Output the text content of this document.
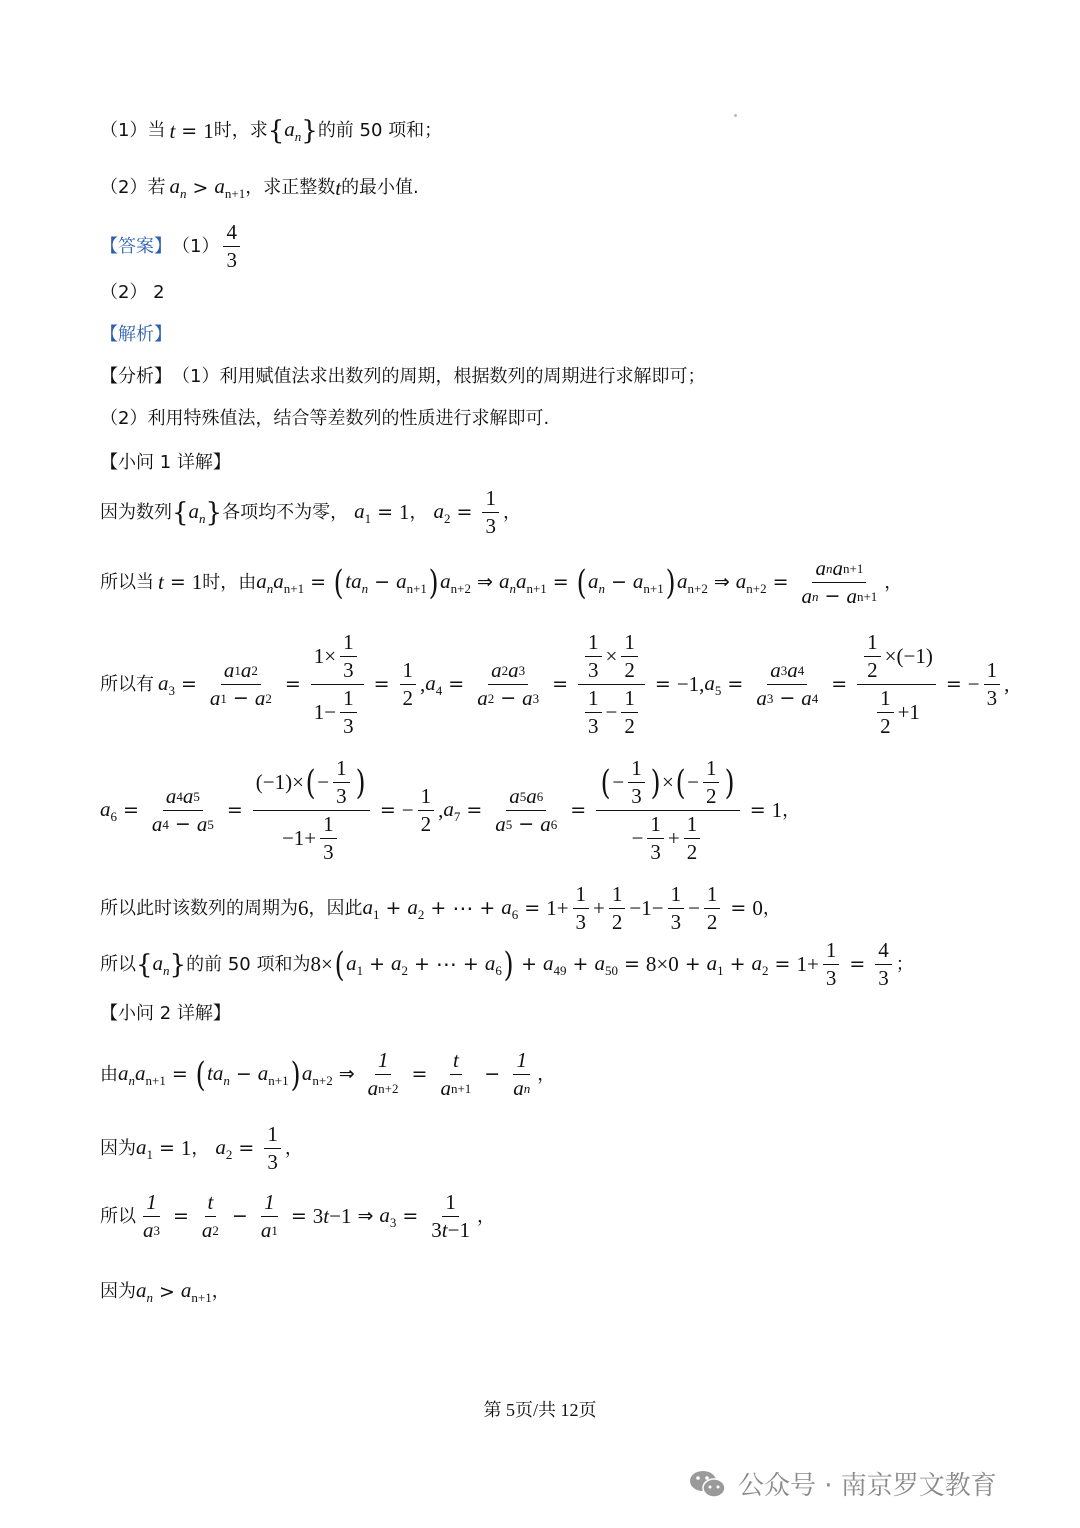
（1）当 t = 1 时，求 { $a_n$ } 的前 50 项和；
（2）若 $a_n > a_{n+1}$ ，求正整数 t 的最小值.
【答案】 $(1) \frac{4}{3}$
（2） 2
【解析】
【分析】 （1）利用赋值法求出数列的周期，根据数列的周期进行求解即可；
（2）利用特殊值法，结合等差数列的性质进行求解即可.
【小问 1 详解】
因为数列 { $a_n$ } 各项均不为零， $a_1 = 1$ ， $a_2 = \frac{1}{3}$ ，
所以当 t = 1 时，由 $a_na_{n+1}$ = ( $ta_n - a_{n+1}$ ) $a_{n+2}$ ⇒ $a_na_{n+1}$ = ( $a_n - a_{n+1}$ ) $a_{n+2}$ ⇒ $a_{n+2} = \frac{\text{a n a n+1}}{\text{a n − a n+1}}$ ，
所以有 $a_3 = \frac{a 1 a 2}{a 1 - a 2} = \frac{1\times \frac{1}{3}}{1- \frac{1}{3}} = \frac{1}{2}$ , $a_4 = \frac{a 2 a 3}{a 2 - a 3} = \frac{\frac{1}{3} \times \frac{1}{2}}{\frac{1}{3} - \frac{1}{2}} = -1$, $a_5 = \frac{a 3 a 4}{a 3 - a 4} = \frac{\frac{1}{2} \times(-1)}{\frac{1}{2} +1}$ = − $\frac{1}{3}$ ,
$a_6 = \frac{a 4 a 5}{a 4 - a 5} = \frac{(-1)\times ( - \frac{1}{3} )}{-1+ \frac{1}{3}}$ = − $\frac{1}{2}$ , $a_7 = \frac{a 5 a 6}{a 5 - a 6} = \frac{( - \frac{1}{3} ) \times ( - \frac{1}{2} )}{- \frac{1}{3} + \frac{1}{2}} = 1$ ，
所以此时该数列的周期为 6 ，因此 $a_1 + a_2$ + ⋯ + $a_6 = 1+ \frac{1}{3} + \frac{1}{2} -1- \frac{1}{3} - \frac{1}{2} = 0$ ，
所以 { $a_n$ } 的前 50 项和为 8× ( $a_1 + a_2$ + ⋯ + $a_6$ ) + $a_{49} + a_{50} = 8\times 0 + a_1 + a_2 = 1+ \frac{1}{3} = \frac{4}{3}$ ；
【小问 2 详解】
由 $a_na_{n+1}$ = ( $ta_n - a_{n+1}$ ) $a_{n+2}$ ⇒ $\frac{1}{\text{a n+2}} = \frac{t}{\text{a n+1}} - \frac{1}{\text{a n}}$ ，
因为 $a_1 = 1$ ， $a_2 = \frac{1}{3}$ ，
所以 $\frac{1}{a 3} = \frac{t}{a 2} - \frac{1}{a 1} = 3$ t −1 ⇒ $a_3 = \frac{1}{3 t -1}$ ，
因为 $a_n > a_{n+1}$ ，
第 5页/共 12页
公众号 · 南京罗文教育
